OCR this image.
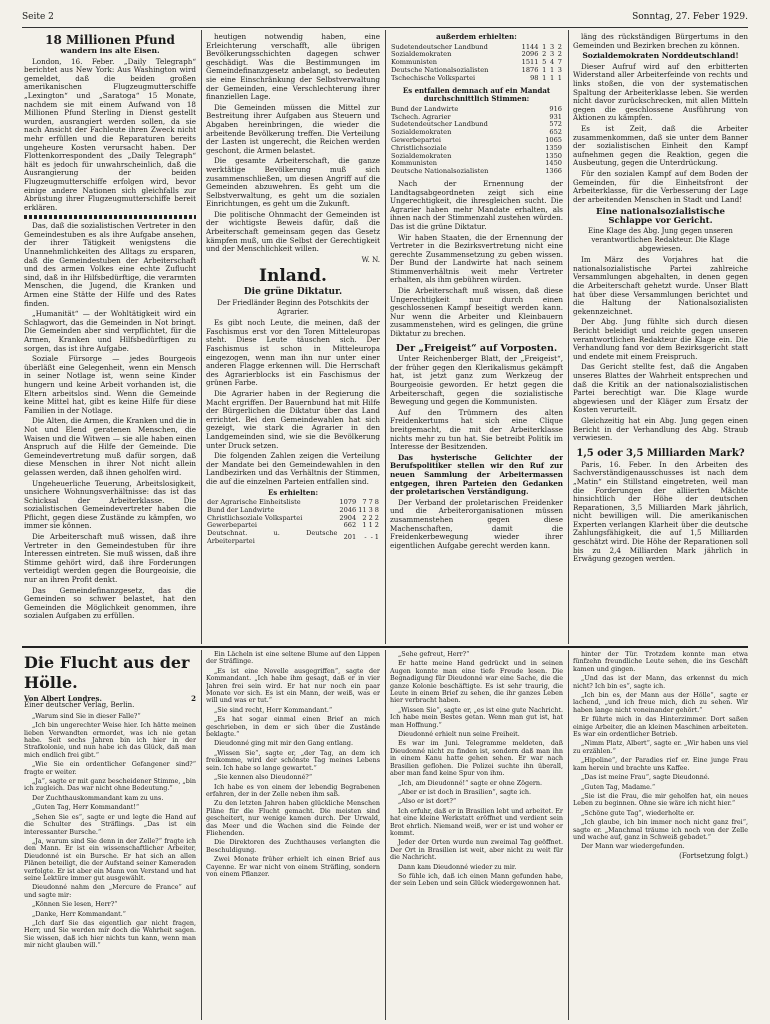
Seite 2	Sonntag, 27. Feber 1929.
18 Millionen Pfund
wandern ins alte Eisen.

London, 16. Feber. „Daily Telegraph“ berichtet aus New York: Aus Washington wird gemeldet, daß die beiden großen amerikanischen Flugzeugmutterschiffe „Lexington“ und „Saratoga“ 15 Monate, nachdem sie mit einem Aufwand von 18 Millionen Pfund Sterling in Dienst gestellt wurden, ausrangiert werden sollen, da sie nach Ansicht der Fachleute ihren Zweck nicht mehr erfüllen und die Reparaturen bereits ungeheure Kosten verursacht haben. Der Flottenkorrespondent des „Daily Telegraph“ hält es jedoch für unwahrscheinlich, daß die Ausrangierung der beiden Flugzeugmutterschiffe erfolgen wird, bevor einige andere Nationen sich gleichfalls zur Abrüstung ihrer Flugzeugmutterschiffe bereit erklären.

Das, daß die sozialistischen Vertreter in den Gemeindestuben es als ihre Aufgabe ansehen, der ihrer Tätigkeit wenigstens die Unannehmlichkeiten des Alltags zu ersparen, daß die Gemeindestuben der Arbeiterschaft und des armen Volkes eine echte Zuflucht sind, daß in ihr Hilfsbedürftige, die verarmten Menschen, die Jugend, die Kranken und Armen eine Stätte der Hilfe und des Rates finden.

„Humanität“ — der Wohltätigkeit wird ein Schlagwort, das die Gemeinden in Not bringt. Die Gemeinden aber sind verpflichtet, für die Armen, Kranken und Hilfsbedürftigen zu sorgen, das ist ihre Aufgabe.

Soziale Fürsorge — jedes Bourgeois überläßt eine Gelegenheit, wenn ein Mensch in seiner Notlage ist, wenn seine Kinder hungern und keine Arbeit vorhanden ist, die Eltern arbeitslos sind. Wenn die Gemeinde keine Mittel hat, gibt es keine Hilfe für diese Familien in der Notlage.

Die Alten, die Armen, die Kranken und die in Not und Elend geratenen Menschen, die Waisen und die Witwen — sie alle haben einen Anspruch auf die Hilfe der Gemeinde. Die Gemeindevertretung muß dafür sorgen, daß diese Menschen in ihrer Not nicht allein gelassen werden, daß ihnen geholfen wird.

Ungeheuerliche Teuerung, Arbeitslosigkeit, unsichere Wohnungsverhältnisse: das ist das Schicksal der Arbeiterklasse. Die sozialistischen Gemeindevertreter haben die Pflicht, gegen diese Zustände zu kämpfen, wo immer sie können.

Die Arbeiterschaft muß wissen, daß ihre Vertreter in den Gemeindestuben für ihre Interessen eintreten. Sie muß wissen, daß ihre Stimme gehört wird, daß ihre Forderungen verteidigt werden gegen die Bourgeoisie, die nur an ihren Profit denkt.

Das Gemeindefinanzgesetz, das die Gemeinden so schwer belastet, hat den Gemeinden die Möglichkeit genommen, ihre sozialen Aufgaben zu erfüllen.

heutigen notwendig haben, eine Erleichterung verschafft, alle übrigen Bevölkerungsschichten dagegen schwer geschädigt. Was die Bestimmungen im Gemeindefinanzgesetz anbelangt, so bedeuten sie eine Einschränkung der Selbstverwaltung der Gemeinden, eine Verschlechterung ihrer finanziellen Lage.

Die Gemeinden müssen die Mittel zur Bestreitung ihrer Aufgaben aus Steuern und Abgaben hereinbringen, die wieder die arbeitende Bevölkerung treffen. Die Verteilung der Lasten ist ungerecht, die Reichen werden geschont, die Armen belastet.

Die gesamte Arbeiterschaft, die ganze werktätige Bevölkerung muß sich zusammenschließen, um diesen Angriff auf die Gemeinden abzuwehren. Es geht um die Selbstverwaltung, es geht um die sozialen Einrichtungen, es geht um die Zukunft.

Die politische Ohnmacht der Gemeinden ist der wichtigste Beweis dafür, daß die Arbeiterschaft gemeinsam gegen das Gesetz kämpfen muß, um die Selbst der Gerechtigkeit und der Menschlichkeit willen.

W. N.
Inland.
Die grüne Diktatur.
Der Friedländer Beginn des Potschkits der Agrarier.

Es gibt noch Leute, die meinen, daß der Faschismus erst vor den Toren Mitteleuropas steht. Diese Leute täuschen sich. Der Faschismus ist schon in Mitteleuropa eingezogen, wenn man ihn nur unter einer anderen Flagge erkennen will. Die Herrschaft des Agrarierblocks ist ein Faschismus der grünen Farbe.

Die Agrarier haben in der Regierung die Macht ergriffen. Der Bauernbund hat mit Hilfe der Bürgerlichen die Diktatur über das Land errichtet. Bei den Gemeindewahlen hat sich gezeigt, wie stark die Agrarier in den Landgemeinden sind, wie sie die Bevölkerung unter Druck setzen.

Die folgenden Zahlen zeigen die Verteilung der Mandate bei den Gemeindewahlen in den Landbezirken und das Verhältnis der Stimmen, die auf die einzelnen Parteien entfallen sind.

Es erhielten:
der Agrarische Einheitsliste	1079	7	7	8
Bund der Landwirte	2046	11	3	8
Christlichsoziale Volkspartei	2904	2	2	2
Gewerbepartei	662	1	1	2
Deutschnat. u. Deutsche Arbeiterpartei	201	-	-	1
außerdem erhielten:
Sudetendeutscher Landbund	1144	1	3	2
Sozialdemokraten	2096	2	3	2
Kommunisten	1511	5	4	7
Deutsche Nationalsozialisten	1876	1	1	3
Tschechische Volkspartei	98	1	1	1
Es entfallen demnach auf ein Mandat durchschnittlich Stimmen:
Bund der Landwirte	916
Tschech. Agrarier	931
Sudetendeutscher Landbund	572
Sozialdemokraten	652
Gewerbepartei	1065
Christlichsoziale	1359
Sozialdemokraten	1350
Kommunisten	1450
Deutsche Nationalsozialisten	1366

Nach der Ernennung der Landtagsabgeordneten zeigt sich eine Ungerechtigkeit, die ihresgleichen sucht. Die Agrarier haben mehr Mandate erhalten, als ihnen nach der Stimmenzahl zustehen würden. Das ist die grüne Diktatur.

Wir haben Staaten, die der Ernennung der Vertreter in die Bezirksvertretung nicht eine gerechte Zusammensetzung zu geben wissen. Der Bund der Landwirte hat nach seinem Stimmenverhältnis weit mehr Vertreter erhalten, als ihm gebühren würden.

Die Arbeiterschaft muß wissen, daß diese Ungerechtigkeit nur durch einen geschlossenen Kampf beseitigt werden kann. Nur wenn die Arbeiter und Kleinbauern zusammenstehen, wird es gelingen, die grüne Diktatur zu brechen.

Der „Freigeist“ auf Vorposten.

Unter Reichenberger Blatt, der „Freigeist“, der früher gegen den Klerikalismus gekämpft hat, ist jetzt ganz zum Werkzeug der Bourgeoisie geworden. Er hetzt gegen die Arbeiterschaft, gegen die sozialistische Bewegung und gegen die Kommunisten.

Auf den Trümmern des alten Freidenkertums hat sich eine Clique breitgemacht, die mit der Arbeiterklasse nichts mehr zu tun hat. Sie betreibt Politik im Interesse der Besitzenden.

Das hysterische Gelichter der Berufspolitiker stellen wir den Ruf zur neuen Sammlung der Arbeitermassen entgegen, ihren Parteien den Gedanken der proletarischen Verständigung.

Der Verband der proletarischen Freidenker und die Arbeiterorganisationen müssen zusammenstehen gegen diese Machenschaften, damit die Freidenkerbewegung wieder ihrer eigentlichen Aufgabe gerecht werden kann.

läng des rückständigen Bürgertums in den Gemeinden und Bezirken brechen zu können.

Sozialdemokraten Norddeutschland!

Dieser Aufruf wird auf den erbitterten Widerstand aller Arbeiterfeinde von rechts und links stoßen, die von der systematischen Spaltung der Arbeiterklasse leben. Sie werden nicht davor zurückschrecken, mit allen Mitteln gegen die geschlossene Ausführung von Aktionen zu kämpfen.

Es ist Zeit, daß die Arbeiter zusammenkommen, daß sie unter dem Banner der sozialistischen Einheit den Kampf aufnehmen gegen die Reaktion, gegen die Ausbeutung, gegen die Unterdrückung.

Für den sozialen Kampf auf dem Boden der Gemeinden, für die Einheitsfront der Arbeiterklasse, für die Verbesserung der Lage der arbeitenden Menschen in Stadt und Land!

Eine nationalsozialistische Schlappe vor Gericht.
Eine Klage des Abg. Jung gegen unseren verantwortlichen Redakteur. Die Klage abgewiesen.

Im März des Vorjahres hat die nationalsozialistische Partei zahlreiche Versammlungen abgehalten, in denen gegen die Arbeiterschaft gehetzt wurde. Unser Blatt hat über diese Versammlungen berichtet und die Haltung der Nationalsozialisten gekennzeichnet.

Der Abg. Jung fühlte sich durch diesen Bericht beleidigt und reichte gegen unseren verantwortlichen Redakteur die Klage ein. Die Verhandlung fand vor dem Bezirksgericht statt und endete mit einem Freispruch.

Das Gericht stellte fest, daß die Angaben unseres Blattes der Wahrheit entsprechen und daß die Kritik an der nationalsozialistischen Partei berechtigt war. Die Klage wurde abgewiesen und der Kläger zum Ersatz der Kosten verurteilt.

Gleichzeitig hat ein Abg. Jung gegen einen Bericht in der Verhandlung des Abg. Straub verwiesen.

1,5 oder 3,5 Milliarden Mark?

Paris, 16. Feber. In den Arbeiten des Sachverständigenausschusses ist nach dem „Matin“ ein Stillstand eingetreten, weil man die Forderungen der alliierten Mächte hinsichtlich der Höhe der deutschen Reparationen, 3,5 Milliarden Mark jährlich, nicht bewilligen will. Die amerikanischen Experten verlangen Klarheit über die deutsche Zahlungsfähigkeit, die auf 1,5 Milliarden geschätzt wird. Die Höhe der Reparationen soll bis zu 2,4 Milliarden Mark jährlich in Erwägung gezogen werden.

Die Flucht aus der Hölle.
Von Albert Londres.	2
Einer deutscher Verlag, Berlin.

„Warum sind Sie in dieser Falle?“

„Ich bin ungerechter Weise hier. Ich hätte meinen lieben Verwandten ermordet, was ich nie getan habe. Seit sechs Jahren bin ich hier in der Strafkolonie, und nun habe ich das Glück, daß man mich endlich frei gibt.“

„Wie Sie ein ordentlicher Gefangener sind?“ fragte er weiter.

„Ja“, sagte er mit ganz bescheidener Stimme, „bin ich zugleich. Das war nicht ohne Bedeutung.“

Der Zuchthauskommandant kam zu uns.

„Guten Tag, Herr Kommandant!“

„Sehen Sie es“, sagte er und legte die Hand auf die Schulter des Sträflings. „Das ist ein interessanter Bursche.“

„Ja, warum sind Sie denn in der Zelle?“ fragte ich den Mann. Er ist ein wissenschaftlicher Arbeiter, Dieudonné ist ein Bursche. Er hat sich an allen Plänen beteiligt, die der Aufstand seiner Kameraden verfolgte. Er ist aber ein Mann von Verstand und hat seine Lektüre immer gut ausgewählt.

Dieudonné nahm den „Mercure de France“ auf und sagte mir:

„Können Sie lesen, Herr?“

„Danke, Herr Kommandant.“

„Ich darf Sie das eigentlich gar nicht fragen, Herr, und Sie werden mir doch die Wahrheit sagen. Sie wissen, daß ich hier nichts tun kann, wenn man mir nicht glauben will.“

Ein Lächeln ist eine seltene Blume auf den Lippen der Sträflinge.

„Es ist eine Novelle ausgegriffen“, sagte der Kommandant. „Ich habe ihm gesagt, daß er in vier Jahren frei sein wird. Er hat nur noch ein paar Monate vor sich. Es ist ein Mann, der weiß, was er will und was er tut.“

„Sie sind recht, Herr Kommandant.“

„Es hat sogar einmal einen Brief an mich geschrieben, in dem er sich über die Zustände beklagte.“

Dieudonné ging mit mir den Gang entlang.

„Wissen Sie“, sagte er, „der Tag, an dem ich freikomme, wird der schönste Tag meines Lebens sein. Ich habe so lange gewartet.“

„Sie kennen also Dieudonné?“

Ich habe es von einem der lebendig Begrabenen erfahren, der in der Zelle neben ihm saß.

Zu den letzten Jahren haben glückliche Menschen Pläne für die Flucht gemacht. Die meisten sind gescheitert, nur wenige kamen durch. Der Urwald, das Meer und die Wachen sind die Feinde der Fliehenden.

Die Direktoren des Zuchthauses verlangten die Beschuldigung.

Zwei Monate früher erhielt ich einen Brief aus Cayenne. Er war nicht von einem Sträfling, sondern von einem Pflanzer.

„Sehe gefreut, Herr?“

Er hatte meine Hand gedrückt und in seinen Augen konnte man eine tiefe Freude lesen. Die Begnadigung für Dieudonné war eine Sache, die die ganze Kolonie beschäftigte. Es ist sehr traurig, die Leute in einem Brief zu sehen, die ihr ganzes Leben hier verbracht haben.

„Wissen Sie“, sagte er, „es ist eine gute Nachricht. Ich habe mein Bestes getan. Wenn man gut ist, hat man Hoffnung.“

Dieudonné erhielt nun seine Freiheit.

Es war im Juni. Telegramme meldeten, daß Dieudonné nicht zu finden ist, sondern daß man ihn in einem Kanu hatte gehen sehen. Er war nach Brasilien geflohen. Die Polizei suchte ihn überall, aber man fand keine Spur von ihm.

„Ich, am Dieudonné!“ sagte er ohne Zögern.

„Aber er ist doch in Brasilien“, sagte ich.

„Also er ist dort?“

Ich erfuhr, daß er in Brasilien lebt und arbeitet. Er hat eine kleine Werkstatt eröffnet und verdient sein Brot ehrlich. Niemand weiß, wer er ist und woher er kommt.

Jeder der Orten wurde nun zweimal Tag geöffnet. Der Ort in Brasilien ist weit, aber nicht zu weit für die Nachricht.

Dann kam Dieudonné wieder zu mir.

So fühle ich, daß ich einen Mann gefunden habe, der sein Leben und sein Glück wiedergewonnen hat.

hinter der Tür. Trotzdem konnte man etwa fünfzehn freundliche Leute sehen, die ins Geschäft kamen und gingen.

„Und das ist der Mann, das erkennst du mich nicht? Ich bin es“, sagte ich.

„Ich bin es, der Mann aus der Hölle“, sagte er lachend, „und ich freue mich, dich zu sehen. Wir haben lange nicht voneinander gehört.“

Er führte mich in das Hinterzimmer. Dort saßen einige Arbeiter, die an kleinen Maschinen arbeiteten. Es war ein ordentlicher Betrieb.

„Nimm Platz, Albert“, sagte er. „Wir haben uns viel zu erzählen.“

„Hipoline“, der Paradies rief er. Eine junge Frau kam herein und brachte uns Kaffee.

„Das ist meine Frau“, sagte Dieudonné.

„Guten Tag, Madame.“

„Sie ist die Frau, die mir geholfen hat, ein neues Leben zu beginnen. Ohne sie wäre ich nicht hier.“

„Schöne gute Tag“, wiederholte er.

„Ich glaube, ich bin immer noch nicht ganz frei“, sagte er. „Manchmal träume ich noch von der Zelle und wache auf, ganz in Schweiß gebadet.“

Der Mann war wiedergefunden.

(Fortsetzung folgt.)
